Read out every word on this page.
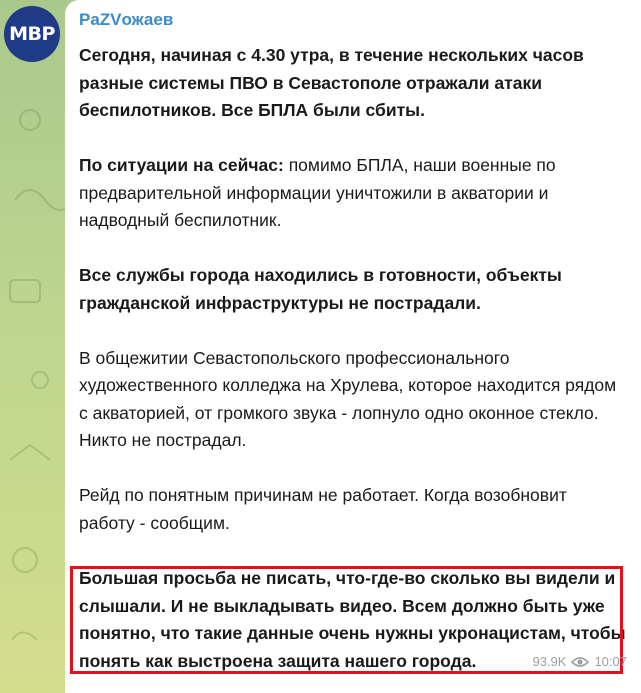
MBP
PaZVожаев

Сегодня, начиная с 4.30 утра, в течение нескольких часов разные системы ПВО в Севастополе отражали атаки беспилотников. Все БПЛА были сбиты.

По ситуации на сейчас: помимо БПЛА, наши военные по предварительной информации уничтожили в акватории и надводный беспилотник.

Все службы города находились в готовности, объекты гражданской инфраструктуры не пострадали.

В общежитии Севастопольского профессионального художественного колледжа на Хрулева, которое находится рядом с акваторией, от громкого звука - лопнуло одно оконное стекло. Никто не пострадал.

Рейд по понятным причинам не работает. Когда возобновит работу - сообщим.

Большая просьба не писать, что-где-во сколько вы видели и слышали. И не выкладывать видео. Всем должно быть уже понятно, что такие данные очень нужны укронацистам, чтобы понять как выстроена защита нашего города.	93.9K 10:07
